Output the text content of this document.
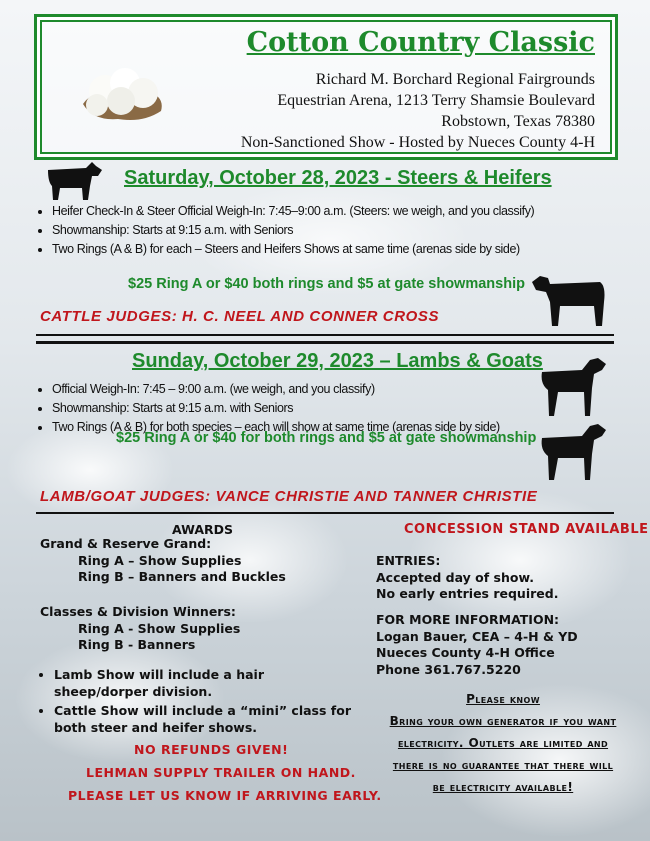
Cotton Country Classic
Richard M. Borchard Regional Fairgrounds
Equestrian Arena, 1213 Terry Shamsie Boulevard
Robstown, Texas 78380
Non-Sanctioned Show - Hosted by Nueces County 4-H
Saturday, October 28, 2023 - Steers & Heifers
• Heifer Check-In & Steer Official Weigh-In: 7:45–9:00 a.m. (Steers: we weigh, and you classify)
• Showmanship: Starts at 9:15 a.m. with Seniors
• Two Rings (A & B) for each – Steers and Heifers Shows at same time (arenas side by side)
$25 Ring A or $40 both rings and $5 at gate showmanship
CATTLE JUDGES: H. C. NEEL AND CONNER CROSS
Sunday, October 29, 2023 – Lambs & Goats
• Official Weigh-In: 7:45 – 9:00 a.m. (we weigh, and you classify)
• Showmanship: Starts at 9:15 a.m. with Seniors
• Two Rings (A & B) for both species – each will show at same time (arenas side by side)
$25 Ring A or $40 for both rings and $5 at gate showmanship
LAMB/GOAT JUDGES: VANCE CHRISTIE AND TANNER CHRISTIE
AWARDS
Grand & Reserve Grand:
Ring A – Show Supplies
Ring B – Banners and Buckles
Classes & Division Winners:
Ring A - Show Supplies
Ring B - Banners
• Lamb Show will include a hair sheep/dorper division.
• Cattle Show will include a “mini” class for both steer and heifer shows.
NO REFUNDS GIVEN!
LEHMAN SUPPLY TRAILER ON HAND.
PLEASE LET US KNOW IF ARRIVING EARLY.
CONCESSION STAND AVAILABLE
ENTRIES:
Accepted day of show.
No early entries required.
FOR MORE INFORMATION:
Logan Bauer, CEA – 4-H & YD
Nueces County 4-H Office
Phone 361.767.5220
Please know
Bring your own generator if you want
electricity. Outlets are limited and
there is no guarantee that there will
be electricity available!
